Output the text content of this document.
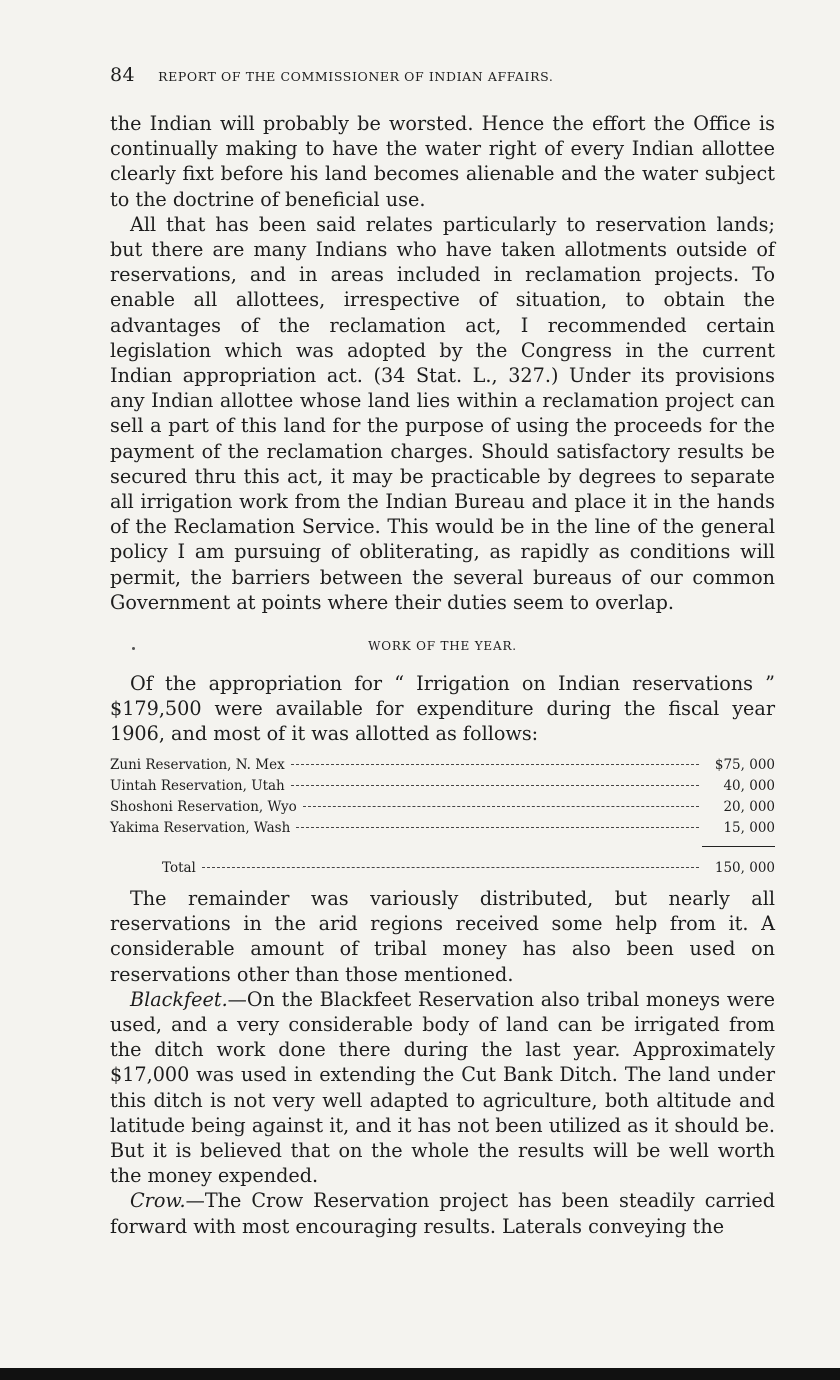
84 REPORT OF THE COMMISSIONER OF INDIAN AFFAIRS.

the Indian will probably be worsted. Hence the effort the Office is continually making to have the water right of every Indian allottee clearly fixt before his land becomes alienable and the water subject to the doctrine of beneficial use.

All that has been said relates particularly to reservation lands; but there are many Indians who have taken allotments outside of reservations, and in areas included in reclamation projects. To enable all allottees, irrespective of situation, to obtain the advantages of the reclamation act, I recommended certain legislation which was adopted by the Congress in the current Indian appropriation act. (34 Stat. L., 327.) Under its provisions any Indian allottee whose land lies within a reclamation project can sell a part of this land for the purpose of using the proceeds for the payment of the reclamation charges. Should satisfactory results be secured thru this act, it may be practicable by degrees to separate all irrigation work from the Indian Bureau and place it in the hands of the Reclamation Service. This would be in the line of the general policy I am pursuing of obliterating, as rapidly as conditions will permit, the barriers between the several bureaus of our common Government at points where their duties seem to overlap.

WORK OF THE YEAR.

Of the appropriation for “ Irrigation on Indian reservations ” $179,500 were available for expenditure during the fiscal year 1906, and most of it was allotted as follows:

Zuni Reservation, N. Mex	$75, 000
Uintah Reservation, Utah	40, 000
Shoshoni Reservation, Wyo	20, 000
Yakima Reservation, Wash	15, 000
Total	150, 000

The remainder was variously distributed, but nearly all reservations in the arid regions received some help from it. A considerable amount of tribal money has also been used on reservations other than those mentioned.

Blackfeet.—On the Blackfeet Reservation also tribal moneys were used, and a very considerable body of land can be irrigated from the ditch work done there during the last year. Approximately $17,000 was used in extending the Cut Bank Ditch. The land under this ditch is not very well adapted to agriculture, both altitude and latitude being against it, and it has not been utilized as it should be. But it is believed that on the whole the results will be well worth the money expended.

Crow.—The Crow Reservation project has been steadily carried forward with most encouraging results. Laterals conveying the
